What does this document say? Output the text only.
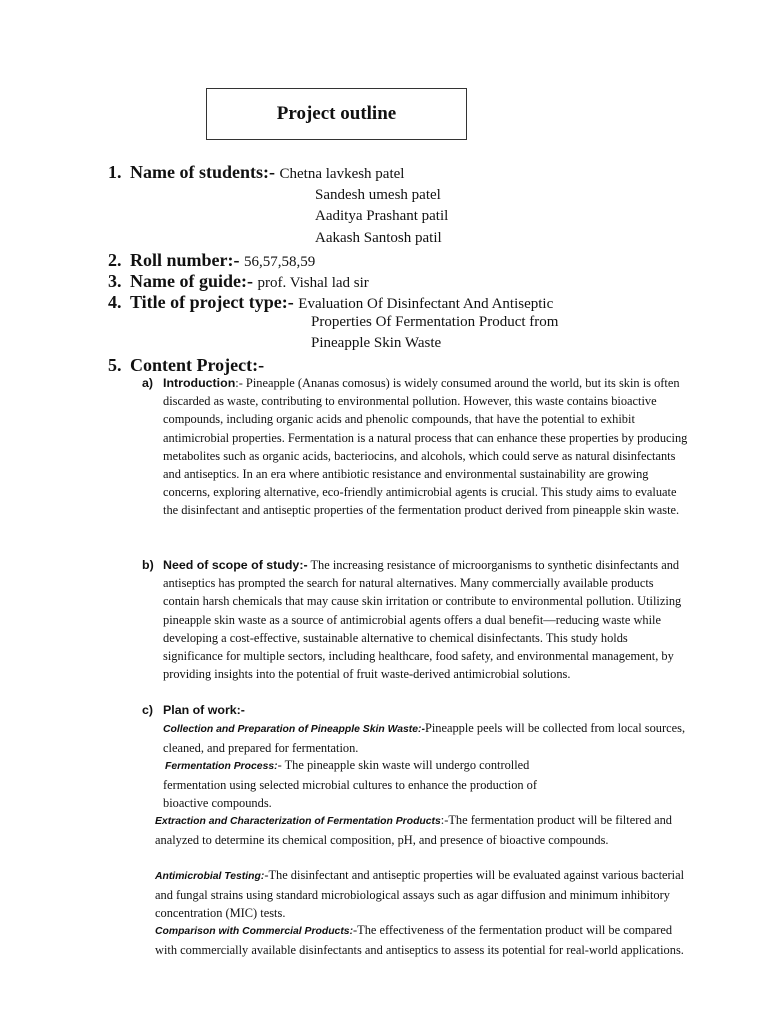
Project outline
1. Name of students:- Chetna lavkesh patel
Sandesh umesh patel
Aaditya Prashant patil
Aakash Santosh patil
2. Roll number:- 56,57,58,59
3. Name of guide:- prof. Vishal lad sir
4. Title of project type:- Evaluation Of Disinfectant And Antiseptic
Properties Of Fermentation Product from
Pineapple Skin Waste
5. Content Project:-
a) Introduction:- Pineapple (Ananas comosus) is widely consumed around the world, but its skin is often discarded as waste, contributing to environmental pollution. However, this waste contains bioactive compounds, including organic acids and phenolic compounds, that have the potential to exhibit antimicrobial properties. Fermentation is a natural process that can enhance these properties by producing metabolites such as organic acids, bacteriocins, and alcohols, which could serve as natural disinfectants and antiseptics. In an era where antibiotic resistance and environmental sustainability are growing concerns, exploring alternative, eco-friendly antimicrobial agents is crucial. This study aims to evaluate the disinfectant and antiseptic properties of the fermentation product derived from pineapple skin waste.
b) Need of scope of study:- The increasing resistance of microorganisms to synthetic disinfectants and antiseptics has prompted the search for natural alternatives. Many commercially available products contain harsh chemicals that may cause skin irritation or contribute to environmental pollution. Utilizing pineapple skin waste as a source of antimicrobial agents offers a dual benefit—reducing waste while developing a cost-effective, sustainable alternative to chemical disinfectants. This study holds significance for multiple sectors, including healthcare, food safety, and environmental management, by providing insights into the potential of fruit waste-derived antimicrobial solutions.
c) Plan of work:-
Collection and Preparation of Pineapple Skin Waste:-Pineapple peels will be collected from local sources, cleaned, and prepared for fermentation.
Fermentation Process:- The pineapple skin waste will undergo controlled fermentation using selected microbial cultures to enhance the production of bioactive compounds.
Extraction and Characterization of Fermentation Products:-The fermentation product will be filtered and analyzed to determine its chemical composition, pH, and presence of bioactive compounds.
Antimicrobial Testing:-The disinfectant and antiseptic properties will be evaluated against various bacterial and fungal strains using standard microbiological assays such as agar diffusion and minimum inhibitory concentration (MIC) tests.
Comparison with Commercial Products:-The effectiveness of the fermentation product will be compared with commercially available disinfectants and antiseptics to assess its potential for real-world applications.
